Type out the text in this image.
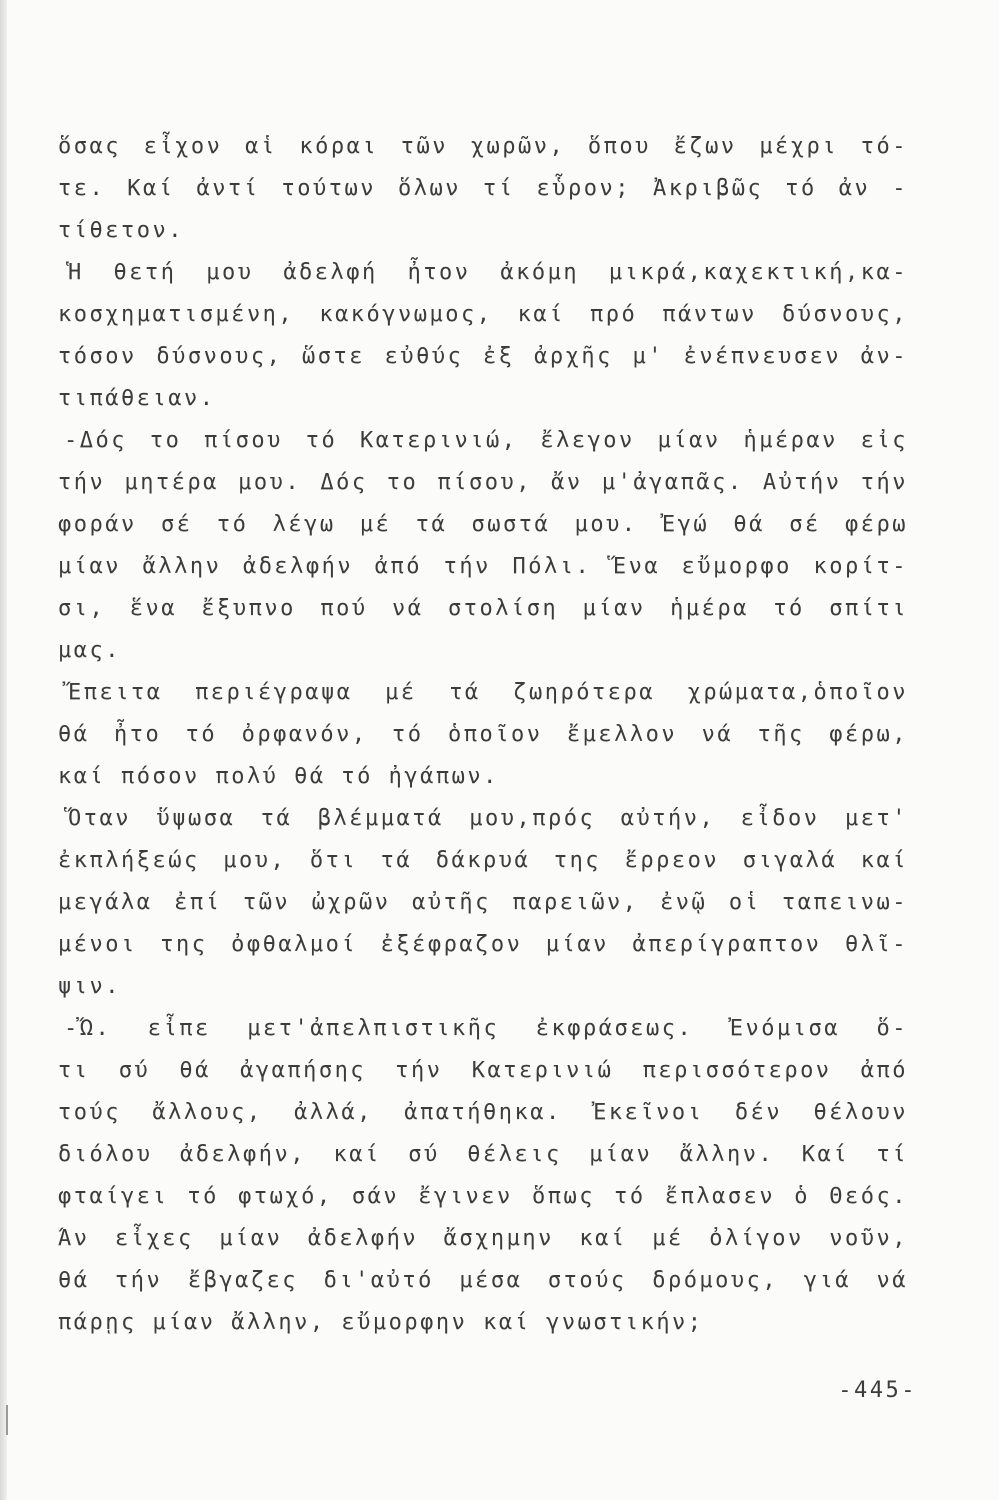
ὅσας εἶχον αἱ κόραι τῶν χωρῶν, ὅπου ἔζων μέχρι τό-
τε. Καί ἀντί τούτων ὅλων τί εὗρον; Ἀκριβῶς τό ἀν -
τίθετον.
Ἡ θετή μου ἀδελφή ἦτον ἀκόμη μικρά,καχεκτική,κα-
κοσχηματισμένη, κακόγνωμος, καί πρό πάντων δύσνους,
τόσον δύσνους, ὥστε εὐθύς ἐξ ἀρχῆς μ' ἐνέπνευσεν ἀν-
τιπάθειαν.
-Δός το πίσου τό Κατερινιώ, ἔλεγον μίαν ἡμέραν εἰς
τήν μητέρα μου. Δός το πίσου, ἄν μ'ἀγαπᾶς. Αὐτήν τήν
φοράν σέ τό λέγω μέ τά σωστά μου. Ἐγώ θά σέ φέρω
μίαν ἄλλην ἀδελφήν ἀπό τήν Πόλι. Ἕνα εὔμορφο κορίτ-
σι, ἕνα ἔξυπνο πού νά στολίση μίαν ἡμέρα τό σπίτι
μας.
Ἔπειτα περιέγραψα μέ τά ζωηρότερα χρώματα,ὁποῖον
θά ἦτο τό ὀρφανόν, τό ὁποῖον ἔμελλον νά τῆς φέρω,
καί πόσον πολύ θά τό ἠγάπων.
Ὅταν ὕψωσα τά βλέμματά μου,πρός αὐτήν, εἶδον μετ'
ἐκπλήξεώς μου, ὅτι τά δάκρυά της ἔρρεον σιγαλά καί
μεγάλα ἐπί τῶν ὠχρῶν αὐτῆς παρειῶν, ἐνῷ οἱ ταπεινω-
μένοι της ὀφθαλμοί ἐξέφραζον μίαν ἀπερίγραπτον θλῖ-
ψιν.
-Ὤ. εἶπε μετ'ἀπελπιστικῆς ἐκφράσεως. Ἐνόμισα ὅ-
τι σύ θά ἀγαπήσης τήν Κατερινιώ περισσότερον ἀπό
τούς ἄλλους, ἀλλά, ἀπατήθηκα. Ἐκεῖνοι δέν θέλουν
διόλου ἀδελφήν, καί σύ θέλεις μίαν ἄλλην. Καί τί
φταίγει τό φτωχό, σάν ἔγινεν ὅπως τό ἔπλασεν ὁ Θεός.
Ἄν εἶχες μίαν ἀδελφήν ἄσχημην καί μέ ὀλίγον νοῦν,
θά τήν ἔβγαζες δι'αὐτό μέσα στούς δρόμους, γιά νά
πάρῃς μίαν ἄλλην, εὔμορφην καί γνωστικήν;
-445-
